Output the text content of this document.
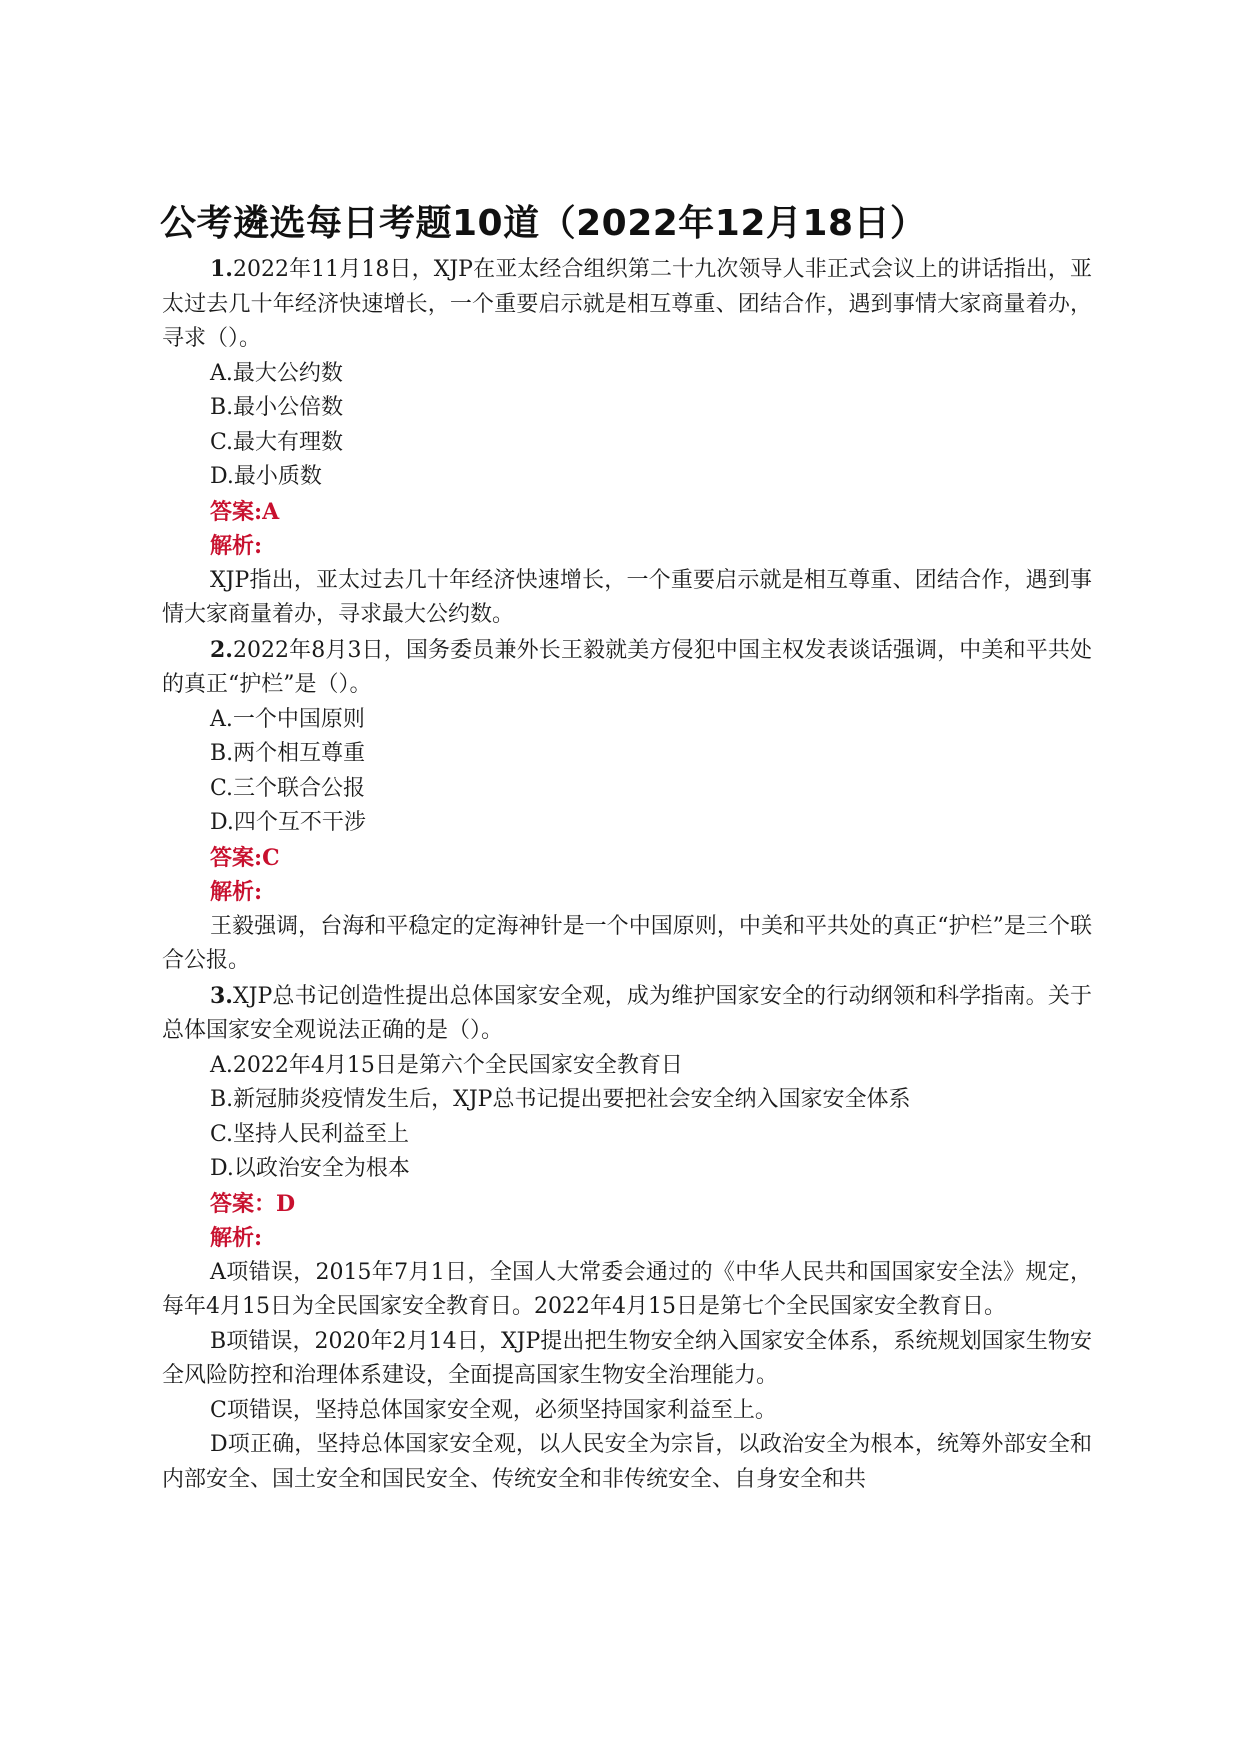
公考遴选每日考题10道（2022年12月18日）

1.2022年11月18日，XJP在亚太经合组织第二十九次领导人非正式会议上的讲话指出，亚太过去几十年经济快速增长，一个重要启示就是相互尊重、团结合作，遇到事情大家商量着办，寻求（）。

A.最大公约数

B.最小公倍数

C.最大有理数

D.最小质数

答案:A

解析:

XJP指出，亚太过去几十年经济快速增长，一个重要启示就是相互尊重、团结合作，遇到事情大家商量着办，寻求最大公约数。

2.2022年8月3日，国务委员兼外长王毅就美方侵犯中国主权发表谈话强调，中美和平共处的真正“护栏”是（）。

A.一个中国原则

B.两个相互尊重

C.三个联合公报

D.四个互不干涉

答案:C

解析:

王毅强调，台海和平稳定的定海神针是一个中国原则，中美和平共处的真正“护栏”是三个联合公报。

3.XJP总书记创造性提出总体国家安全观，成为维护国家安全的行动纲领和科学指南。关于总体国家安全观说法正确的是（）。

A.2022年4月15日是第六个全民国家安全教育日

B.新冠肺炎疫情发生后，XJP总书记提出要把社会安全纳入国家安全体系

C.坚持人民利益至上

D.以政治安全为根本

答案：D

解析:

A项错误，2015年7月1日，全国人大常委会通过的《中华人民共和国国家安全法》规定，每年4月15日为全民国家安全教育日。2022年4月15日是第七个全民国家安全教育日。

B项错误，2020年2月14日，XJP提出把生物安全纳入国家安全体系，系统规划国家生物安全风险防控和治理体系建设，全面提高国家生物安全治理能力。

C项错误，坚持总体国家安全观，必须坚持国家利益至上。

D项正确，坚持总体国家安全观，以人民安全为宗旨，以政治安全为根本，统筹外部安全和内部安全、国土安全和国民安全、传统安全和非传统安全、自身安全和共
